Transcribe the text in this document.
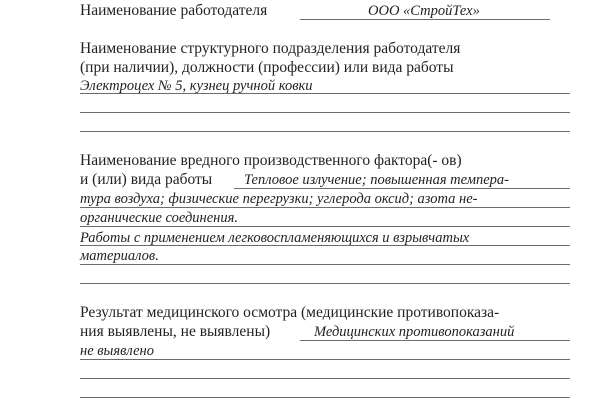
Наименование работодателя	ООО «СтройТех»
Наименование структурного подразделения работодателя
(при наличии), должности (профессии) или вида работы
Электроцех № 5, кузнец ручной ковки
Наименование вредного производственного фактора(- ов)
и (или) вида работы Тепловое излучение; повышенная темпера-
тура воздуха; физические перегрузки; углерода оксид; азота не-
органические соединения.
Работы с применением легковоспламеняющихся и взрывчатых
материалов.
Результат медицинского осмотра (медицинские противопоказа-
ния выявлены, не выявлены)	Медицинских противопоказаний
не выявлено
